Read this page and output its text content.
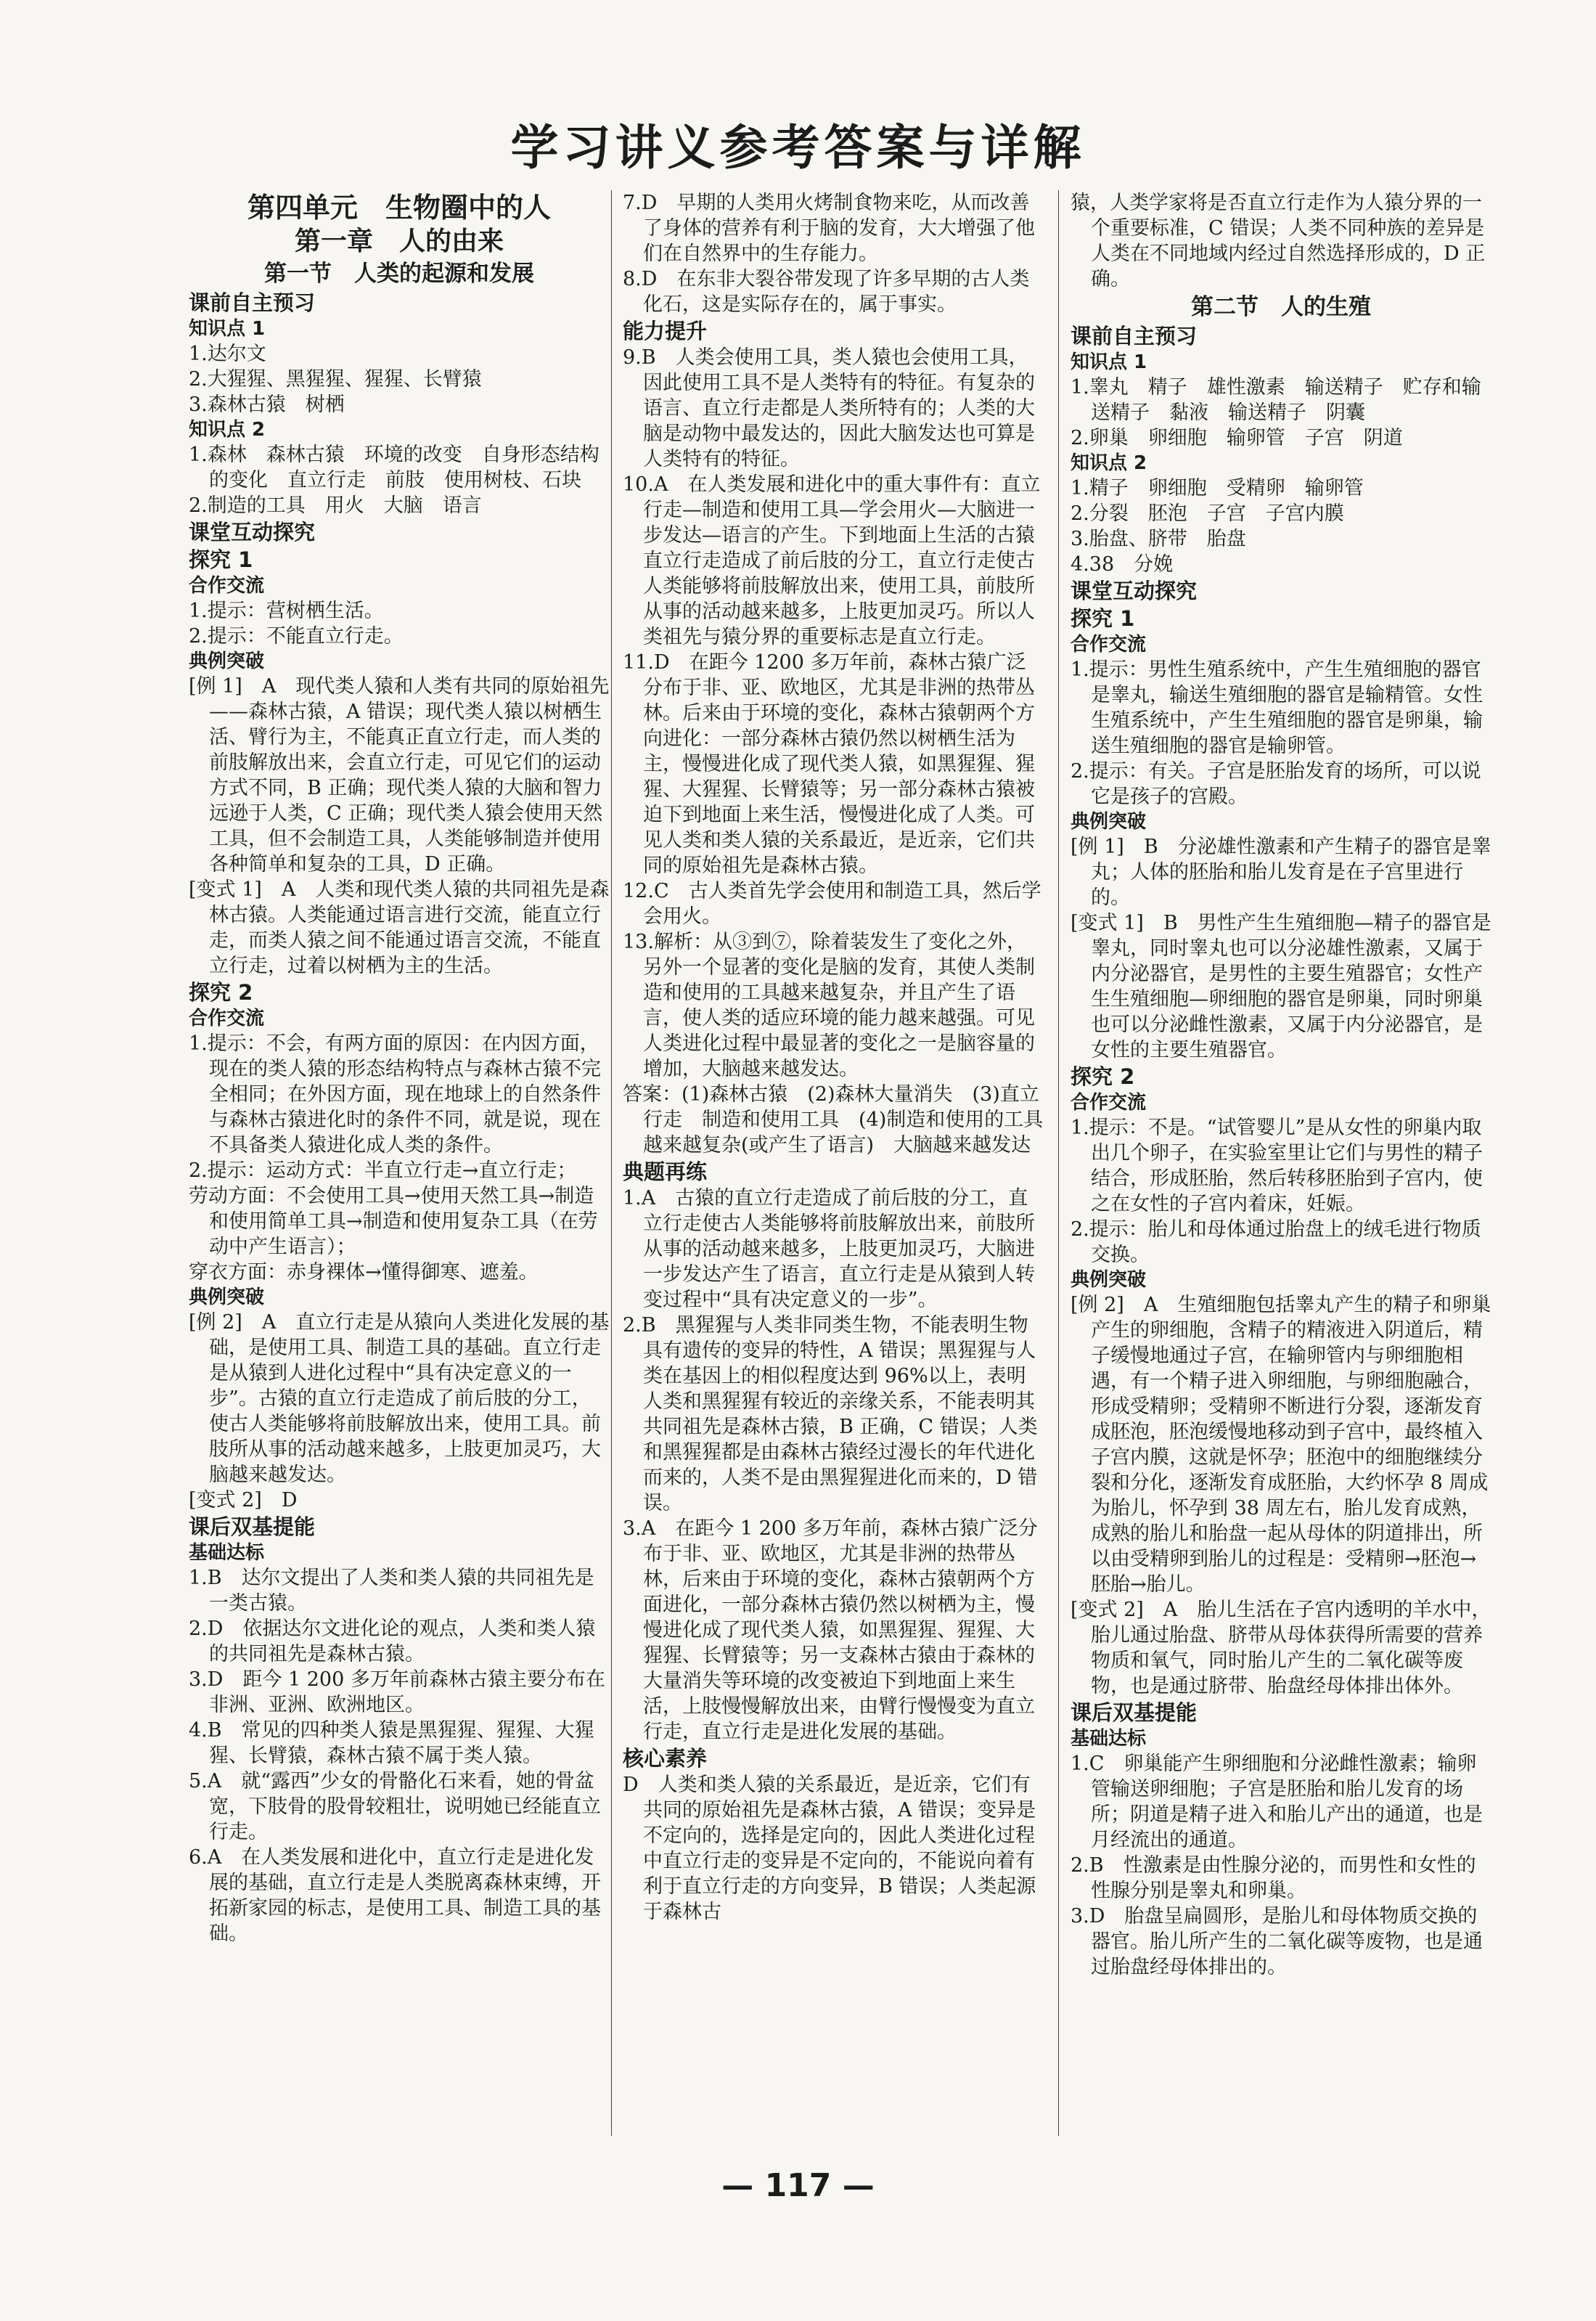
学习讲义参考答案与详解
第四单元　生物圈中的人
第一章　人的由来
第一节　人类的起源和发展
课前自主预习
知识点 1
1.达尔文
2.大猩猩、黑猩猩、猩猩、长臂猿
3.森林古猿　树栖
知识点 2
1.森林　森林古猿　环境的改变　自身形态结构的变化　直立行走　前肢　使用树枝、石块
2.制造的工具　用火　大脑　语言
课堂互动探究
探究 1
合作交流
1.提示：营树栖生活。
2.提示：不能直立行走。
典例突破
[例 1]　A　现代类人猿和人类有共同的原始祖先——森林古猿，A 错误；现代类人猿以树栖生活、臂行为主，不能真正直立行走，而人类的前肢解放出来，会直立行走，可见它们的运动方式不同，B 正确；现代类人猿的大脑和智力远逊于人类，C 正确；现代类人猿会使用天然工具，但不会制造工具，人类能够制造并使用各种简单和复杂的工具，D 正确。
[变式 1]　A　人类和现代类人猿的共同祖先是森林古猿。人类能通过语言进行交流，能直立行走，而类人猿之间不能通过语言交流，不能直立行走，过着以树栖为主的生活。
探究 2
合作交流
1.提示：不会，有两方面的原因：在内因方面，现在的类人猿的形态结构特点与森林古猿不完全相同；在外因方面，现在地球上的自然条件与森林古猿进化时的条件不同，就是说，现在不具备类人猿进化成人类的条件。
2.提示：运动方式：半直立行走→直立行走；
劳动方面：不会使用工具→使用天然工具→制造和使用简单工具→制造和使用复杂工具（在劳动中产生语言）；
穿衣方面：赤身裸体→懂得御寒、遮羞。
典例突破
[例 2]　A　直立行走是从猿向人类进化发展的基础，是使用工具、制造工具的基础。直立行走是从猿到人进化过程中“具有决定意义的一步”。古猿的直立行走造成了前后肢的分工，使古人类能够将前肢解放出来，使用工具。前肢所从事的活动越来越多，上肢更加灵巧，大脑越来越发达。
[变式 2]　D
课后双基提能
基础达标
1.B　达尔文提出了人类和类人猿的共同祖先是一类古猿。
2.D　依据达尔文进化论的观点，人类和类人猿的共同祖先是森林古猿。
3.D　距今 1 200 多万年前森林古猿主要分布在非洲、亚洲、欧洲地区。
4.B　常见的四种类人猿是黑猩猩、猩猩、大猩猩、长臂猿，森林古猿不属于类人猿。
5.A　就“露西”少女的骨骼化石来看，她的骨盆宽，下肢骨的股骨较粗壮，说明她已经能直立行走。
6.A　在人类发展和进化中，直立行走是进化发展的基础，直立行走是人类脱离森林束缚，开拓新家园的标志，是使用工具、制造工具的基础。
7.D　早期的人类用火烤制食物来吃，从而改善了身体的营养有利于脑的发育，大大增强了他们在自然界中的生存能力。
8.D　在东非大裂谷带发现了许多早期的古人类化石，这是实际存在的，属于事实。
能力提升
9.B　人类会使用工具，类人猿也会使用工具，因此使用工具不是人类特有的特征。有复杂的语言、直立行走都是人类所特有的；人类的大脑是动物中最发达的，因此大脑发达也可算是人类特有的特征。
10.A　在人类发展和进化中的重大事件有：直立行走—制造和使用工具—学会用火—大脑进一步发达—语言的产生。下到地面上生活的古猿直立行走造成了前后肢的分工，直立行走使古人类能够将前肢解放出来，使用工具，前肢所从事的活动越来越多，上肢更加灵巧。所以人类祖先与猿分界的重要标志是直立行走。
11.D　在距今 1200 多万年前，森林古猿广泛分布于非、亚、欧地区，尤其是非洲的热带丛林。后来由于环境的变化，森林古猿朝两个方向进化：一部分森林古猿仍然以树栖生活为主，慢慢进化成了现代类人猿，如黑猩猩、猩猩、大猩猩、长臂猿等；另一部分森林古猿被迫下到地面上来生活，慢慢进化成了人类。可见人类和类人猿的关系最近，是近亲，它们共同的原始祖先是森林古猿。
12.C　古人类首先学会使用和制造工具，然后学会用火。
13.解析：从③到⑦，除着装发生了变化之外，另外一个显著的变化是脑的发育，其使人类制造和使用的工具越来越复杂，并且产生了语言，使人类的适应环境的能力越来越强。可见人类进化过程中最显著的变化之一是脑容量的增加，大脑越来越发达。
答案：(1)森林古猿　(2)森林大量消失　(3)直立行走　制造和使用工具　(4)制造和使用的工具越来越复杂(或产生了语言)　大脑越来越发达
典题再练
1.A　古猿的直立行走造成了前后肢的分工，直立行走使古人类能够将前肢解放出来，前肢所从事的活动越来越多，上肢更加灵巧，大脑进一步发达产生了语言，直立行走是从猿到人转变过程中“具有决定意义的一步”。
2.B　黑猩猩与人类非同类生物，不能表明生物具有遗传的变异的特性，A 错误；黑猩猩与人类在基因上的相似程度达到 96%以上，表明人类和黑猩猩有较近的亲缘关系，不能表明其共同祖先是森林古猿，B 正确，C 错误；人类和黑猩猩都是由森林古猿经过漫长的年代进化而来的，人类不是由黑猩猩进化而来的，D 错误。
3.A　在距今 1 200 多万年前，森林古猿广泛分布于非、亚、欧地区，尤其是非洲的热带丛林，后来由于环境的变化，森林古猿朝两个方面进化，一部分森林古猿仍然以树栖为主，慢慢进化成了现代类人猿，如黑猩猩、猩猩、大猩猩、长臂猿等；另一支森林古猿由于森林的大量消失等环境的改变被迫下到地面上来生活，上肢慢慢解放出来，由臂行慢慢变为直立行走，直立行走是进化发展的基础。
核心素养
D　人类和类人猿的关系最近，是近亲，它们有共同的原始祖先是森林古猿，A 错误；变异是不定向的，选择是定向的，因此人类进化过程中直立行走的变异是不定向的，不能说向着有利于直立行走的方向变异，B 错误；人类起源于森林古
猿，人类学家将是否直立行走作为人猿分界的一个重要标准，C 错误；人类不同种族的差异是人类在不同地域内经过自然选择形成的，D 正确。
第二节　人的生殖
课前自主预习
知识点 1
1.睾丸　精子　雄性激素　输送精子　贮存和输送精子　黏液　输送精子　阴囊
2.卵巢　卵细胞　输卵管　子宫　阴道
知识点 2
1.精子　卵细胞　受精卵　输卵管
2.分裂　胚泡　子宫　子宫内膜
3.胎盘、脐带　胎盘
4.38　分娩
课堂互动探究
探究 1
合作交流
1.提示：男性生殖系统中，产生生殖细胞的器官是睾丸，输送生殖细胞的器官是输精管。女性生殖系统中，产生生殖细胞的器官是卵巢，输送生殖细胞的器官是输卵管。
2.提示：有关。子宫是胚胎发育的场所，可以说它是孩子的宫殿。
典例突破
[例 1]　B　分泌雄性激素和产生精子的器官是睾丸；人体的胚胎和胎儿发育是在子宫里进行的。
[变式 1]　B　男性产生生殖细胞—精子的器官是睾丸，同时睾丸也可以分泌雄性激素，又属于内分泌器官，是男性的主要生殖器官；女性产生生殖细胞—卵细胞的器官是卵巢，同时卵巢也可以分泌雌性激素，又属于内分泌器官，是女性的主要生殖器官。
探究 2
合作交流
1.提示：不是。“试管婴儿”是从女性的卵巢内取出几个卵子，在实验室里让它们与男性的精子结合，形成胚胎，然后转移胚胎到子宫内，使之在女性的子宫内着床，妊娠。
2.提示：胎儿和母体通过胎盘上的绒毛进行物质交换。
典例突破
[例 2]　A　生殖细胞包括睾丸产生的精子和卵巢产生的卵细胞，含精子的精液进入阴道后，精子缓慢地通过子宫，在输卵管内与卵细胞相遇，有一个精子进入卵细胞，与卵细胞融合，形成受精卵；受精卵不断进行分裂，逐渐发育成胚泡，胚泡缓慢地移动到子宫中，最终植入子宫内膜，这就是怀孕；胚泡中的细胞继续分裂和分化，逐渐发育成胚胎，大约怀孕 8 周成为胎儿，怀孕到 38 周左右，胎儿发育成熟，成熟的胎儿和胎盘一起从母体的阴道排出，所以由受精卵到胎儿的过程是：受精卵→胚泡→胚胎→胎儿。
[变式 2]　A　胎儿生活在子宫内透明的羊水中，胎儿通过胎盘、脐带从母体获得所需要的营养物质和氧气，同时胎儿产生的二氧化碳等废物，也是通过脐带、胎盘经母体排出体外。
课后双基提能
基础达标
1.C　卵巢能产生卵细胞和分泌雌性激素；输卵管输送卵细胞；子宫是胚胎和胎儿发育的场所；阴道是精子进入和胎儿产出的通道，也是月经流出的通道。
2.B　性激素是由性腺分泌的，而男性和女性的性腺分别是睾丸和卵巢。
3.D　胎盘呈扁圆形，是胎儿和母体物质交换的器官。胎儿所产生的二氧化碳等废物，也是通过胎盘经母体排出的。
— 117 —
